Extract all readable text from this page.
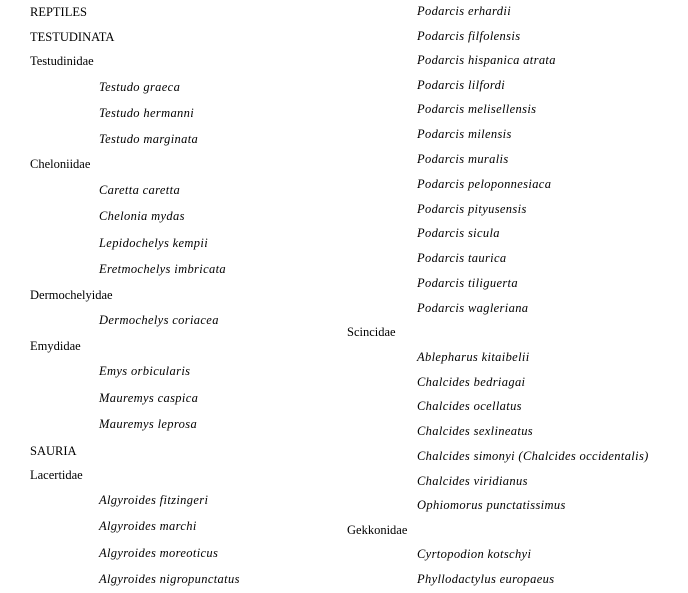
REPTILES
TESTUDINATA
Testudinidae
Testudo graeca
Testudo hermanni
Testudo marginata
Cheloniidae
Caretta caretta
Chelonia mydas
Lepidochelys kempii
Eretmochelys imbricata
Dermochelyidae
Dermochelys coriacea
Emydidae
Emys orbicularis
Mauremys caspica
Mauremys leprosa
SAURIA
Lacertidae
Algyroides fitzingeri
Algyroides marchi
Algyroides moreoticus
Algyroides nigropunctatus
Podarcis erhardii
Podarcis filfolensis
Podarcis hispanica atrata
Podarcis lilfordi
Podarcis melisellensis
Podarcis milensis
Podarcis muralis
Podarcis peloponnesiaca
Podarcis pityusensis
Podarcis sicula
Podarcis taurica
Podarcis tiliguerta
Podarcis wagleriana
Scincidae
Ablepharus kitaibelii
Chalcides bedriagai
Chalcides ocellatus
Chalcides sexlineatus
Chalcides simonyi (Chalcides occidentalis)
Chalcides viridianus
Ophiomorus punctatissimus
Gekkonidae
Cyrtopodion kotschyi
Phyllodactylus europaeus
